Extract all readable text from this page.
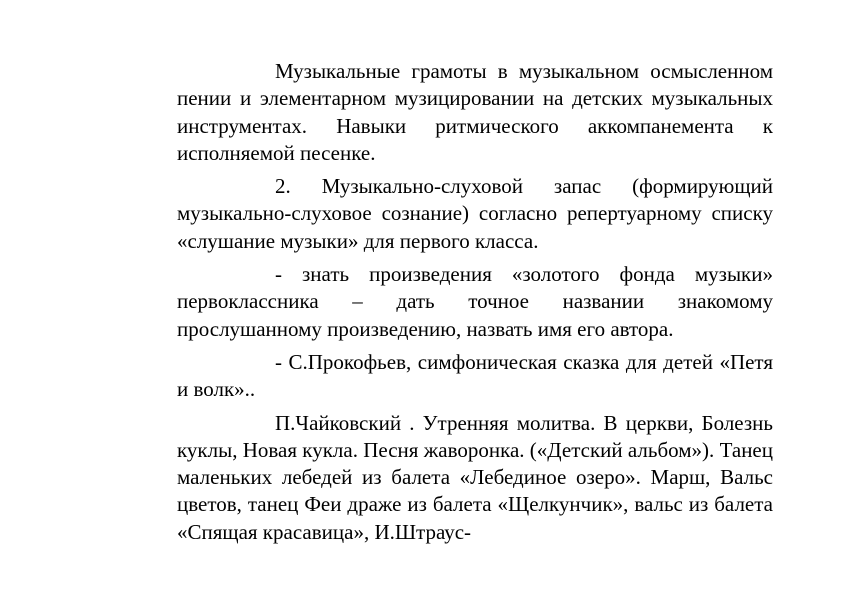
Музыкальные грамоты в музыкальном осмысленном пении и элементарном музицировании на детских музыкальных инструментах. Навыки ритмического аккомпанемента к исполняемой песенке.

2. Музыкально-слуховой запас (формирующий музыкально-слуховое сознание) согласно репертуарному списку «слушание музыки» для первого класса.

- знать произведения «золотого фонда музыки» первоклассника – дать точное названии знакомому прослушанному произведению, назвать имя его автора.

- С.Прокофьев, симфоническая сказка для детей «Петя и волк»..

П.Чайковский . Утренняя молитва. В церкви, Болезнь куклы, Новая кукла. Песня жаворонка. («Детский альбом»). Танец маленьких лебедей из балета «Лебединое озеро». Марш, Вальс цветов, танец Феи драже из балета «Щелкунчик», вальс из балета «Спящая красавица», И.Штраус-
